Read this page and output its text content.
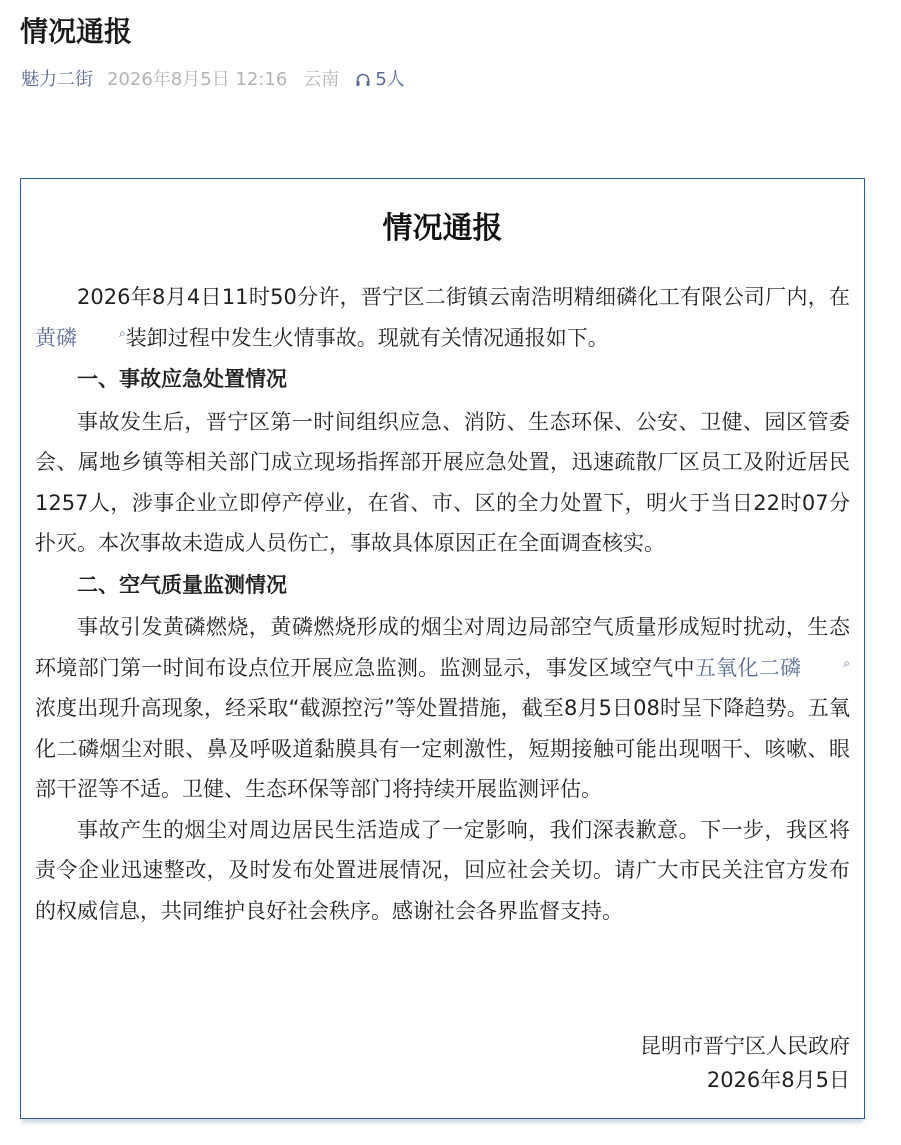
情况通报
魅力二街 2026年8月5日 12:16 云南 5人
情况通报

2026年8月4日11时50分许，晋宁区二街镇云南浩明精细磷化工有限公司厂内，在黄磷	⌕装卸过程中发生火情事故。现就有关情况通报如下。

一、事故应急处置情况

事故发生后，晋宁区第一时间组织应急、消防、生态环保、公安、卫健、园区管委会、属地乡镇等相关部门成立现场指挥部开展应急处置，迅速疏散厂区员工及附近居民1257人，涉事企业立即停产停业，在省、市、区的全力处置下，明火于当日22时07分扑灭。本次事故未造成人员伤亡，事故具体原因正在全面调查核实。

二、空气质量监测情况

事故引发黄磷燃烧，黄磷燃烧形成的烟尘对周边局部空气质量形成短时扰动，生态环境部门第一时间布设点位开展应急监测。监测显示，事发区域空气中五氧化二磷	⌕浓度出现升高现象，经采取“截源控污”等处置措施，截至8月5日08时呈下降趋势。五氧化二磷烟尘对眼、鼻及呼吸道黏膜具有一定刺激性，短期接触可能出现咽干、咳嗽、眼部干涩等不适。卫健、生态环保等部门将持续开展监测评估。

事故产生的烟尘对周边居民生活造成了一定影响，我们深表歉意。下一步，我区将责令企业迅速整改，及时发布处置进展情况，回应社会关切。请广大市民关注官方发布的权威信息，共同维护良好社会秩序。感谢社会各界监督支持。

昆明市晋宁区人民政府
2026年8月5日
